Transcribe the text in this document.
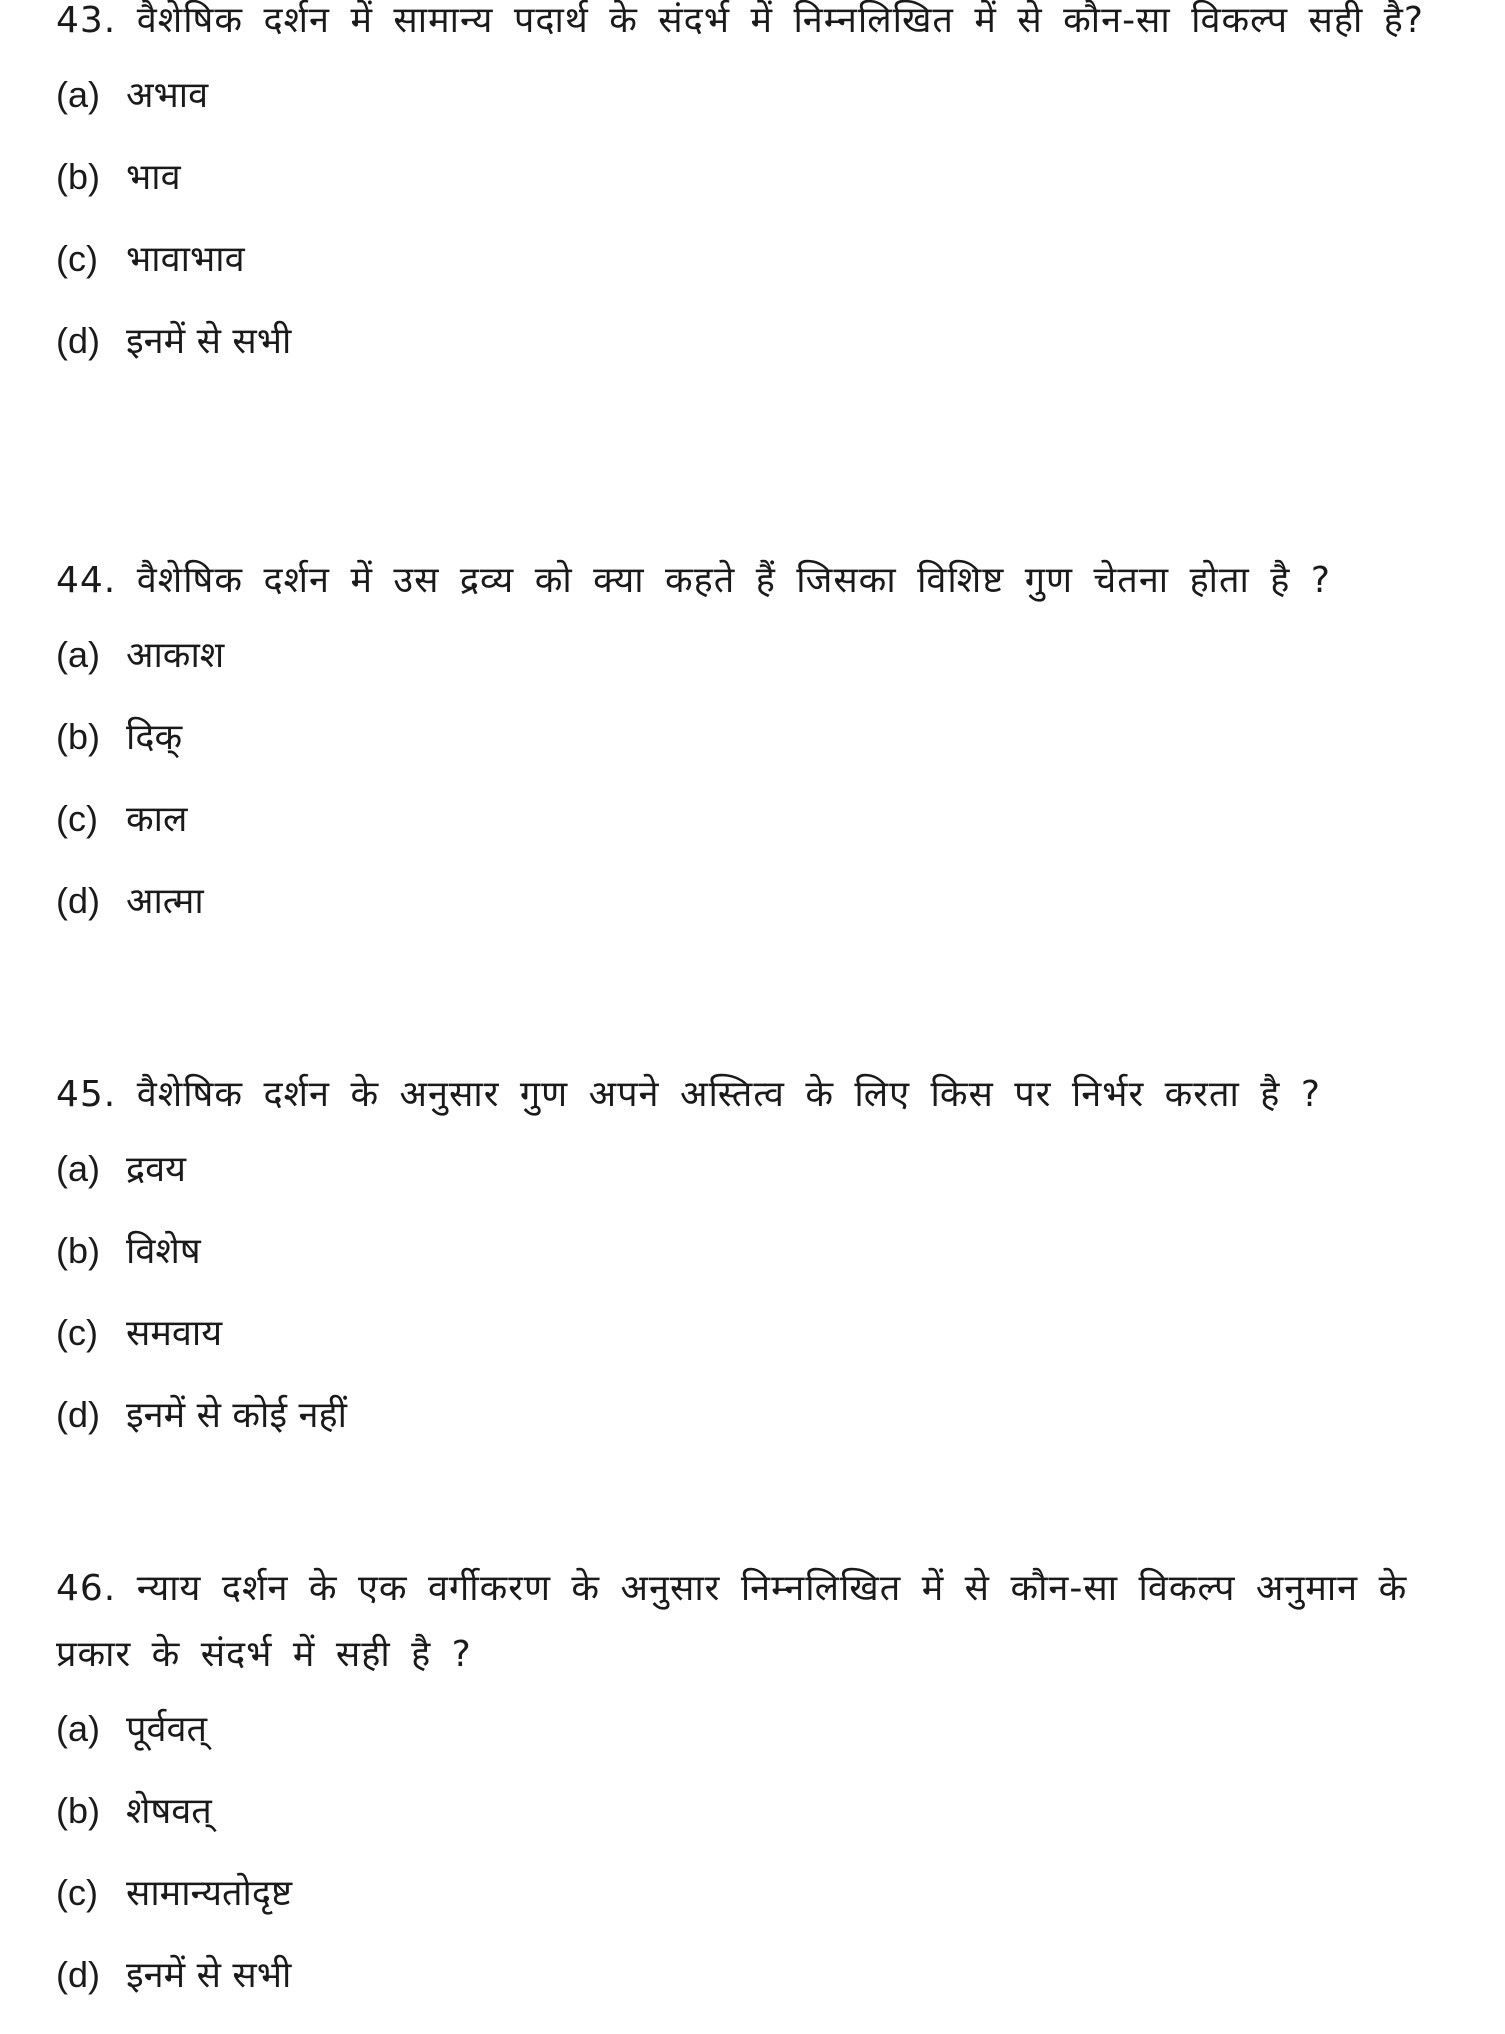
43. वैशेषिक दर्शन में सामान्य पदार्थ के संदर्भ में निम्नलिखित में से कौन-सा विकल्प सही है?

(a) अभाव
(b) भाव
(c) भावाभाव
(d) इनमें से सभी

44. वैशेषिक दर्शन में उस द्रव्य को क्या कहते हैं जिसका विशिष्ट गुण चेतना होता है ?

(a) आकाश
(b) दिक्
(c) काल
(d) आत्मा

45. वैशेषिक दर्शन के अनुसार गुण अपने अस्तित्व के लिए किस पर निर्भर करता है ?

(a) द्रवय
(b) विशेष
(c) समवाय
(d) इनमें से कोई नहीं

46. न्याय दर्शन के एक वर्गीकरण के अनुसार निम्नलिखित में से कौन-सा विकल्प अनुमान के प्रकार के संदर्भ में सही है ?

(a) पूर्ववत्
(b) शेषवत्
(c) सामान्यतोदृष्ट
(d) इनमें से सभी
